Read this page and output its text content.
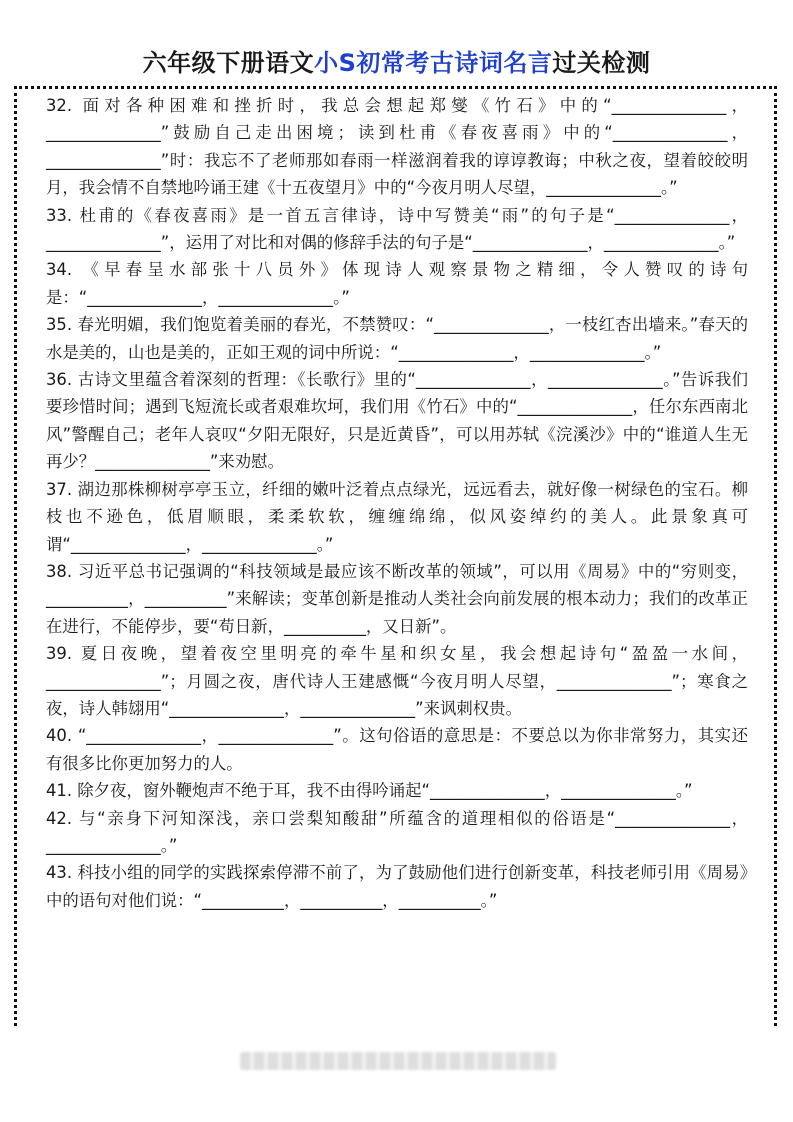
六年级下册语文小S初常考古诗词名言过关检测

32. 面对各种困难和挫折时，我总会想起郑燮《竹石》中的“______________，______________”鼓励自己走出困境；读到杜甫《春夜喜雨》中的“______________，______________”时：我忘不了老师那如春雨一样滋润着我的谆谆教诲；中秋之夜，望着皎皎明月，我会情不自禁地吟诵王建《十五夜望月》中的“今夜月明人尽望，______________。”

33. 杜甫的《春夜喜雨》是一首五言律诗，诗中写赞美“雨”的句子是“______________，______________”，运用了对比和对偶的修辞手法的句子是“______________，______________。”

34. 《早春呈水部张十八员外》体现诗人观察景物之精细，令人赞叹的诗句是：“______________，______________。”

35. 春光明媚，我们饱览着美丽的春光，不禁赞叹：“______________，一枝红杏出墙来。”春天的水是美的，山也是美的，正如王观的词中所说：“______________，______________。”

36. 古诗文里蕴含着深刻的哲理：《长歌行》里的“______________，______________。”告诉我们要珍惜时间；遇到飞短流长或者艰难坎坷，我们用《竹石》中的“______________，任尔东西南北风”警醒自己；老年人哀叹“夕阳无限好，只是近黄昏”，可以用苏轼《浣溪沙》中的“谁道人生无再少？______________”来劝慰。

37. 湖边那株柳树亭亭玉立，纤细的嫩叶泛着点点绿光，远远看去，就好像一树绿色的宝石。柳枝也不逊色，低眉顺眼，柔柔软软，缠缠绵绵，似风姿绰约的美人。此景象真可谓“______________，______________。”

38. 习近平总书记强调的“科技领域是最应该不断改革的领域”，可以用《周易》中的“穷则变，__________，__________”来解读；变革创新是推动人类社会向前发展的根本动力；我们的改革正在进行，不能停步，要“苟日新，__________，又日新”。

39. 夏日夜晚，望着夜空里明亮的牵牛星和织女星，我会想起诗句“盈盈一水间，______________”；月圆之夜，唐代诗人王建感慨“今夜月明人尽望，______________”；寒食之夜，诗人韩翃用“______________，______________”来讽刺权贵。

40. “______________，______________”。这句俗语的意思是：不要总以为你非常努力，其实还有很多比你更加努力的人。

41. 除夕夜，窗外鞭炮声不绝于耳，我不由得吟诵起“______________，______________。”

42. 与“亲身下河知深浅，亲口尝梨知酸甜”所蕴含的道理相似的俗语是“______________，______________。”

43. 科技小组的同学的实践探索停滞不前了，为了鼓励他们进行创新变革，科技老师引用《周易》中的语句对他们说：“__________，__________，__________。”
